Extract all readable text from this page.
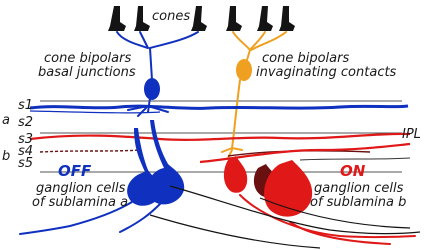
cones
cone bipolars
basal junctions
cone bipolars
invaginating contacts
s1
s2
s3
s4
s5
a
b
IPL
OFF
ganglion cells
of sublamina a
ON
ganglion cells
of sublamina b
